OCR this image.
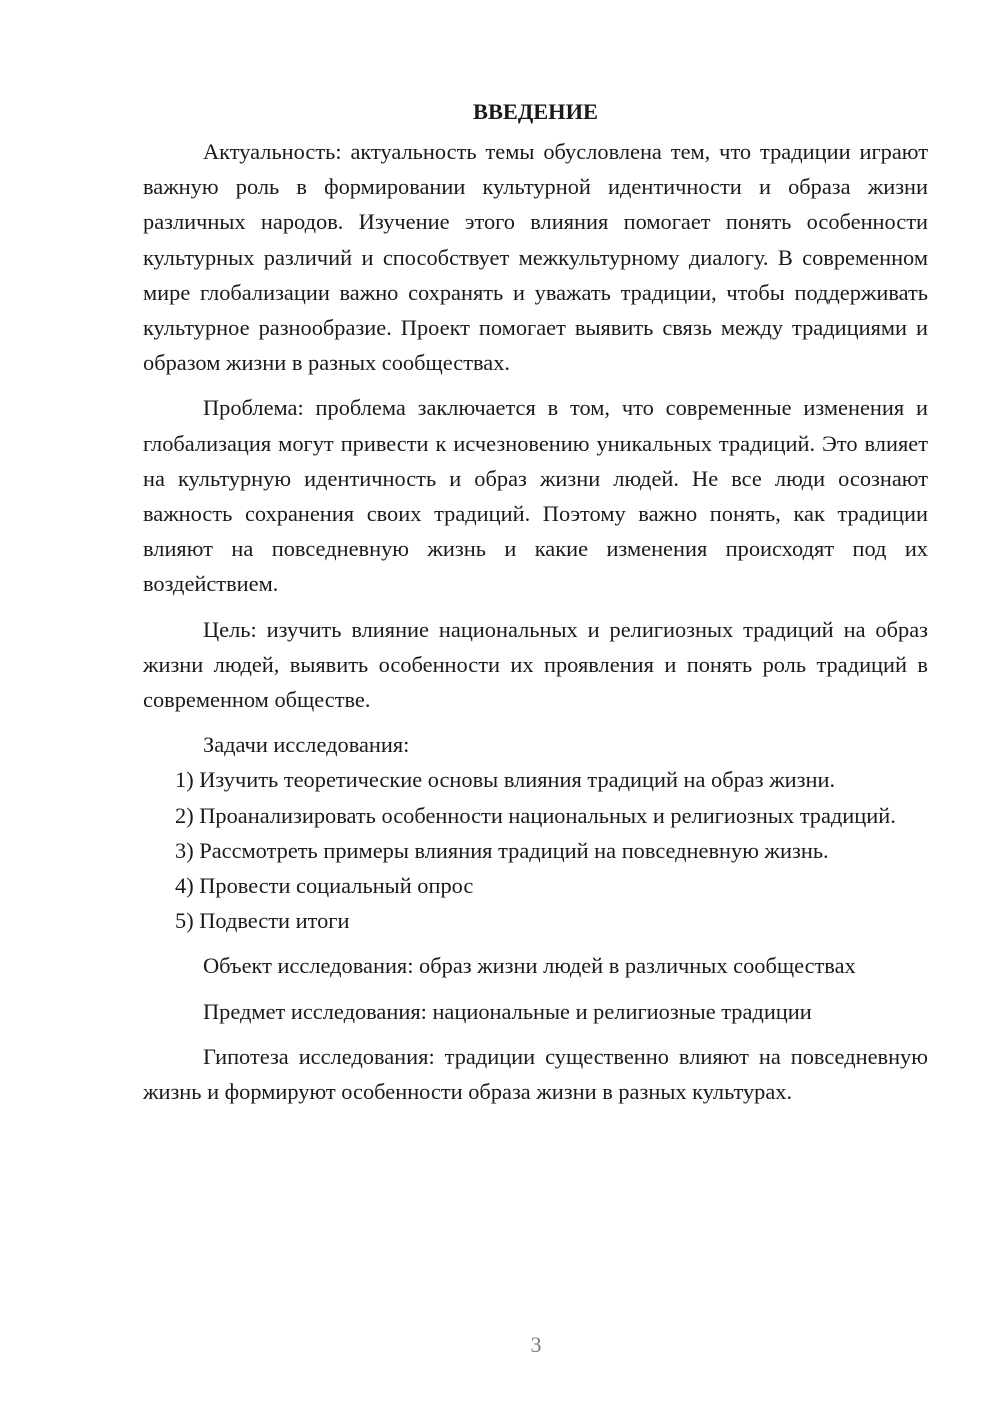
ВВЕДЕНИЕ

Актуальность: актуальность темы обусловлена тем, что традиции играют важную роль в формировании культурной идентичности и образа жизни различных народов. Изучение этого влияния помогает понять особенности культурных различий и способствует межкультурному диалогу. В современном мире глобализации важно сохранять и уважать традиции, чтобы поддерживать культурное разнообразие. Проект помогает выявить связь между традициями и образом жизни в разных сообществах.

Проблема: проблема заключается в том, что современные изменения и глобализация могут привести к исчезновению уникальных традиций. Это влияет на культурную идентичность и образ жизни людей. Не все люди осознают важность сохранения своих традиций. Поэтому важно понять, как традиции влияют на повседневную жизнь и какие изменения происходят под их воздействием.

Цель: изучить влияние национальных и религиозных традиций на образ жизни людей, выявить особенности их проявления и понять роль традиций в современном обществе.

Задачи исследования:

1) Изучить теоретические основы влияния традиций на образ жизни.

2) Проанализировать особенности национальных и религиозных традиций.

3) Рассмотреть примеры влияния традиций на повседневную жизнь.

4) Провести социальный опрос

5) Подвести итоги

Объект исследования: образ жизни людей в различных сообществах

Предмет исследования: национальные и религиозные традиции

Гипотеза исследования: традиции существенно влияют на повседневную жизнь и формируют особенности образа жизни в разных культурах.

3
